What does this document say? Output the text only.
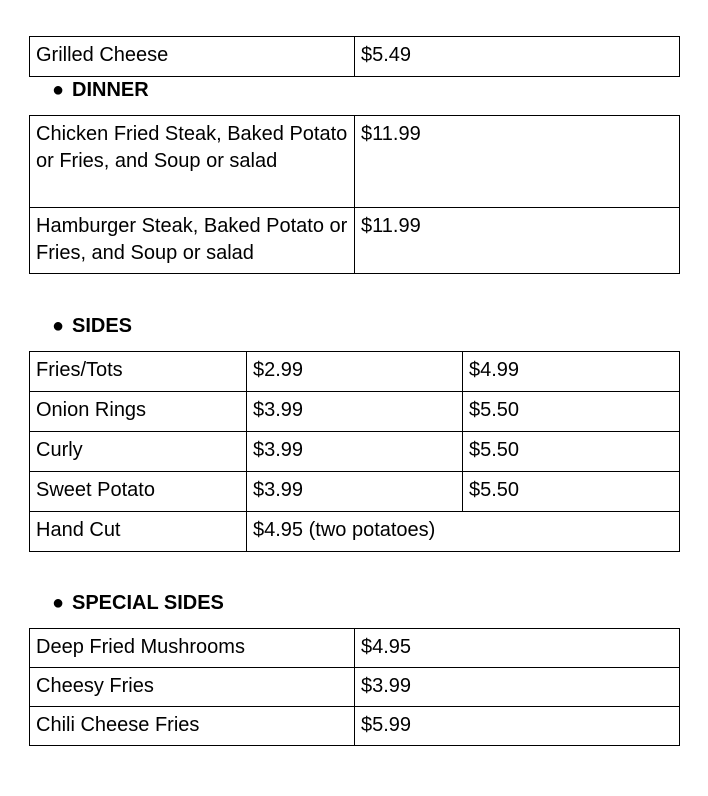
Grilled Cheese	$5.49
● DINNER
Chicken Fried Steak, Baked Potato or Fries, and Soup or salad	$11.99
Hamburger Steak, Baked Potato or Fries, and Soup or salad	$11.99
● SIDES
Fries/Tots	$2.99	$4.99
Onion Rings	$3.99	$5.50
Curly	$3.99	$5.50
Sweet Potato	$3.99	$5.50
Hand Cut	$4.95 (two potatoes)	
● SPECIAL SIDES
Deep Fried Mushrooms	$4.95
Cheesy Fries	$3.99
Chili Cheese Fries	$5.99
